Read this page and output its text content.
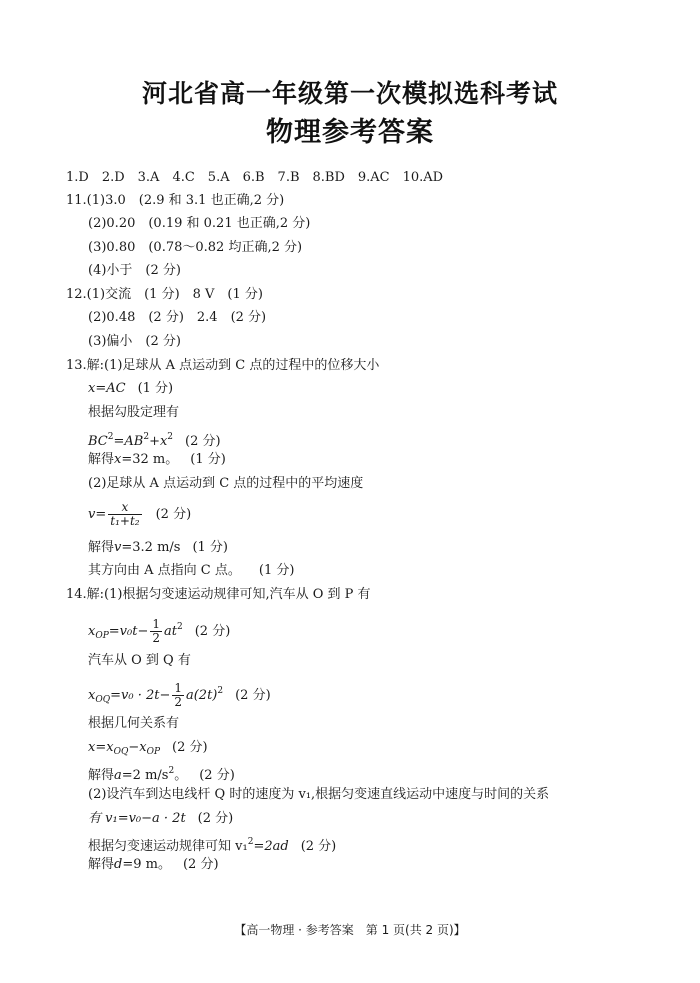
河北省高一年级第一次模拟选科考试
物理参考答案
1.D　2.D　3.A　4.C　5.A　6.B　7.B　8.BD　9.AC　10.AD
11.(1)3.0　(2.9 和 3.1 也正确,2 分)
(2)0.20　(0.19 和 0.21 也正确,2 分)
(3)0.80　(0.78～0.82 均正确,2 分)
(4)小于　(2 分)
12.(1)交流　(1 分)　8 V　(1 分)
(2)0.48　(2 分)　2.4　(2 分)
(3)偏小　(2 分)
13.解:(1)足球从 A 点运动到 C 点的过程中的位移大小
x=AC (1 分)
根据勾股定理有
$BC^2=AB^2+x^2$ (2 分)
解得x=32 m。 (1 分)
(2)足球从 A 点运动到 C 点的过程中的平均速度
$v= \frac{x}{\text{t₁+t₂}} (2$ 分)
解得v=3.2 m/s (1 分)
其方向由 A 点指向 C 点。 (1 分)
14.解:(1)根据匀变速运动规律可知,汽车从 O 到 P 有
$x_{OP}=v_0t- \frac{1}{2} at^2$ (2 分)
汽车从 O 到 Q 有
$x_{OQ}=v_0 \cdot 2t- \frac{1}{2} a(2t)^2$ (2 分)
根据几何关系有
$x=x_{OQ}-x_{OP}$ (2 分)
解得a=2 $m/s^2$。 (2 分)
(2)设汽车到达电线杆 Q 时的速度为 v₁,根据匀变速直线运动中速度与时间的关系
有 v₁=v₀−a · 2t (2 分)
根据匀变速运动规律可知 v₁$^2$=2ad (2 分)
解得d=9 m。 (2 分)
【高一物理 · 参考答案　第 1 页(共 2 页)】
